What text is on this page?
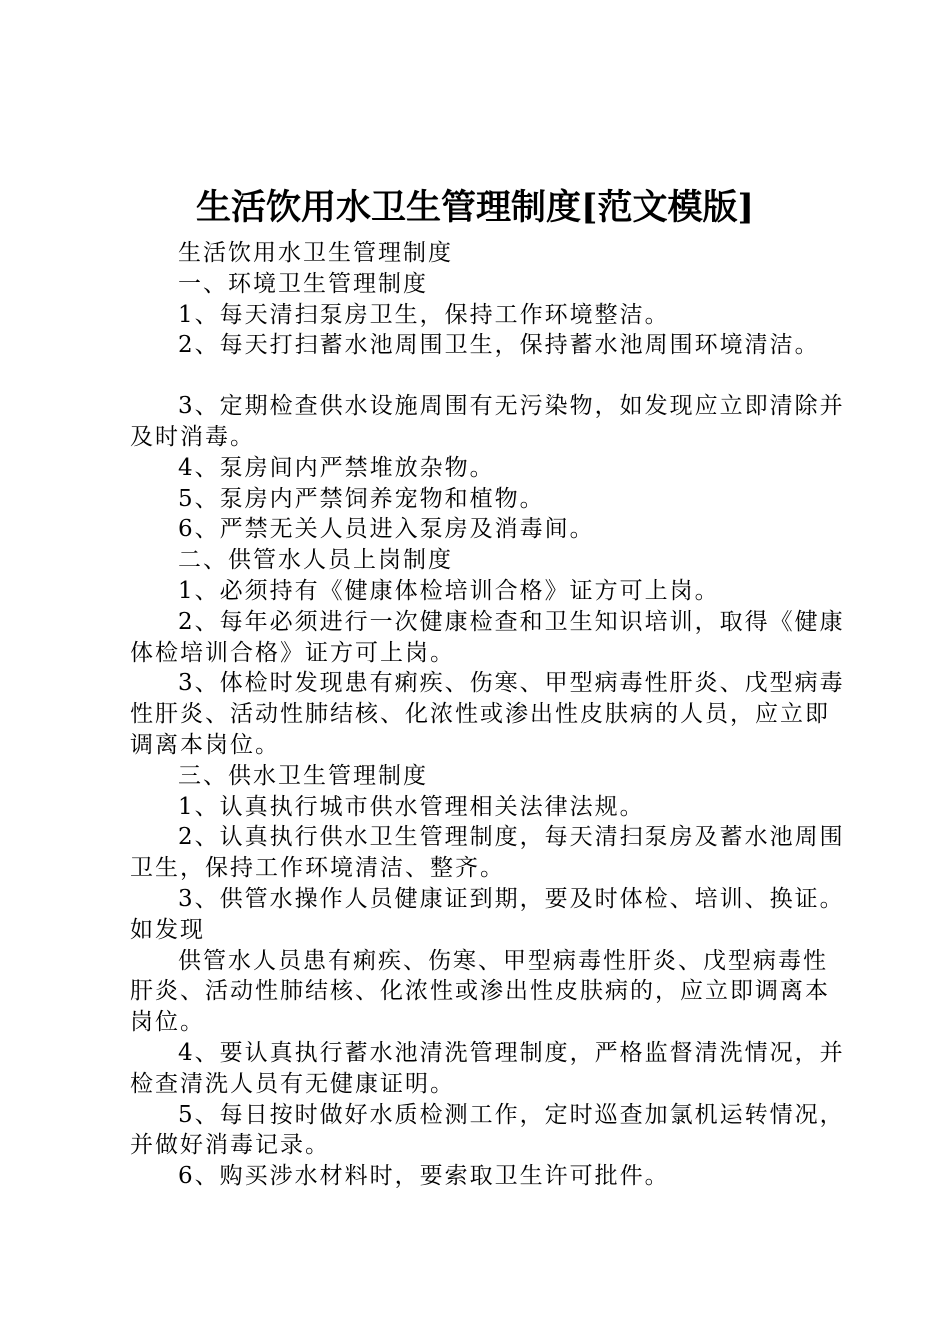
生活饮用水卫生管理制度[范文模版]

生活饮用水卫生管理制度

一、环境卫生管理制度

1、每天清扫泵房卫生，保持工作环境整洁。

2、每天打扫蓄水池周围卫生，保持蓄水池周围环境清洁。

3、定期检查供水设施周围有无污染物，如发现应立即清除并及时消毒。

4、泵房间内严禁堆放杂物。

5、泵房内严禁饲养宠物和植物。

6、严禁无关人员进入泵房及消毒间。

二、供管水人员上岗制度

1、必须持有《健康体检培训合格》证方可上岗。

2、每年必须进行一次健康检查和卫生知识培训，取得《健康体检培训合格》证方可上岗。

3、体检时发现患有痢疾、伤寒、甲型病毒性肝炎、戊型病毒性肝炎、活动性肺结核、化浓性或渗出性皮肤病的人员，应立即调离本岗位。

三、供水卫生管理制度

1、认真执行城市供水管理相关法律法规。

2、认真执行供水卫生管理制度，每天清扫泵房及蓄水池周围卫生，保持工作环境清洁、整齐。

3、供管水操作人员健康证到期，要及时体检、培训、换证。如发现

供管水人员患有痢疾、伤寒、甲型病毒性肝炎、戊型病毒性肝炎、活动性肺结核、化浓性或渗出性皮肤病的，应立即调离本岗位。

4、要认真执行蓄水池清洗管理制度，严格监督清洗情况，并检查清洗人员有无健康证明。

5、每日按时做好水质检测工作，定时巡查加氯机运转情况，并做好消毒记录。

6、购买涉水材料时，要索取卫生许可批件。
